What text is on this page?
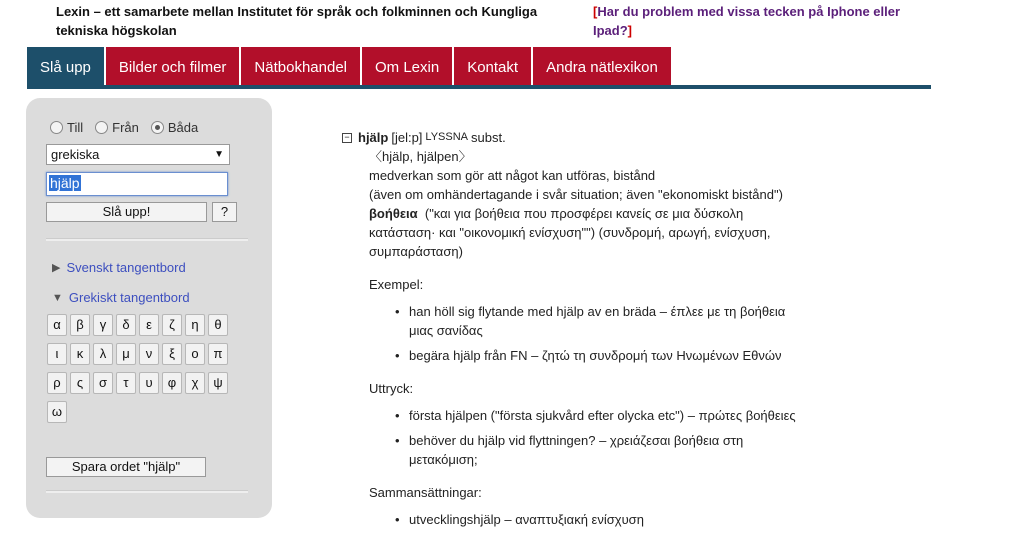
Lexin – ett samarbete mellan Institutet för språk och folkminnen och Kungliga tekniska högskolan
[Har du problem med vissa tecken på Iphone eller Ipad?]
Slå upp	Bilder och filmer	Nätbokhandel	Om Lexin	Kontakt	Andra nätlexikon
Till Från Båda
grekiska	▼
hjälp
Slå upp!	?
▶ Svenskt tangentbord
▼ Grekiskt tangentbord
α	β	γ	δ	ε	ζ	η	θ
ι	κ	λ	μ	ν	ξ	ο	π
ρ	ς	σ	τ	υ	φ	χ	ψ
ω
Spara ordet "hjälp"
− hjälp [jel:p] LYSSNA subst.
〈hjälp, hjälpen〉
medverkan som gör att något kan utföras, bistånd
(även om omhändertagande i svår situation; även "ekonomiskt bistånd")
βοήθεια ("και για βοήθεια που προσφέρει κανείς σε μια δύσκολη κατάσταση· και "οικονομική ενίσχυση"") (συνδρομή, αρωγή, ενίσχυση, συμπαράσταση)
Exempel:
• han höll sig flytande med hjälp av en bräda – έπλεε με τη βοήθεια μιας σανίδας
• begära hjälp från FN – ζητώ τη συνδρομή των Ηνωμένων Εθνών
Uttryck:
• första hjälpen ("första sjukvård efter olycka etc") – πρώτες βοήθειες
• behöver du hjälp vid flyttningen? – χρειάζεσαι βοήθεια στη μετακόμιση;
Sammansättningar:
• utvecklingshjälp – αναπτυξιακή ενίσχυση
